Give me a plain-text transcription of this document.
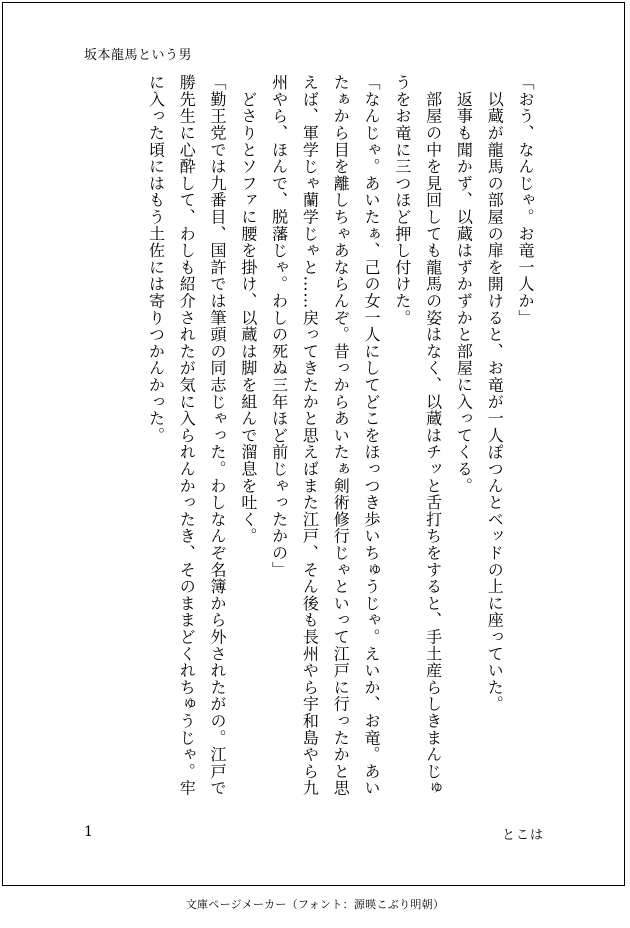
坂本龍馬という男

「おう、なんじゃ。お竜一人か」

　以蔵が龍馬の部屋の扉を開けると、お竜が一人ぽつんとベッドの上に座っていた。

　返事も聞かず、以蔵はずかずかと部屋に入ってくる。

　部屋の中を見回しても龍馬の姿はなく、以蔵はチッと舌打ちをすると、手土産らしきまんじゅうをお竜に三つほど押し付けた。

「なんじゃ。あいたぁ、己の女一人にしてどこをほっつき歩いちゅうじゃ。えいか、お竜。あいたぁから目を離しちゃあならんぞ。昔っからあいたぁ剣術修行じゃといって江戸に行ったかと思えば、軍学じゃ蘭学じゃと……戻ってきたかと思えばまた江戸、そん後も長州やら宇和島やら九州やら、ほんで、脱藩じゃ。わしの死ぬ三年ほど前じゃったかの」

　どさりとソファに腰を掛け、以蔵は脚を組んで溜息を吐く。

「勤王党では九番目、国許では筆頭の同志じゃった。わしなんぞ名簿から外されたがの。江戸で勝先生に心酔して、わしも紹介されたが気に入られんかったき、そのままどくれちゅうじゃ。牢に入った頃にはもう土佐には寄りつかんかった。

1	とこは
文庫ページメーカー（フォント：源暎こぶり明朝）
